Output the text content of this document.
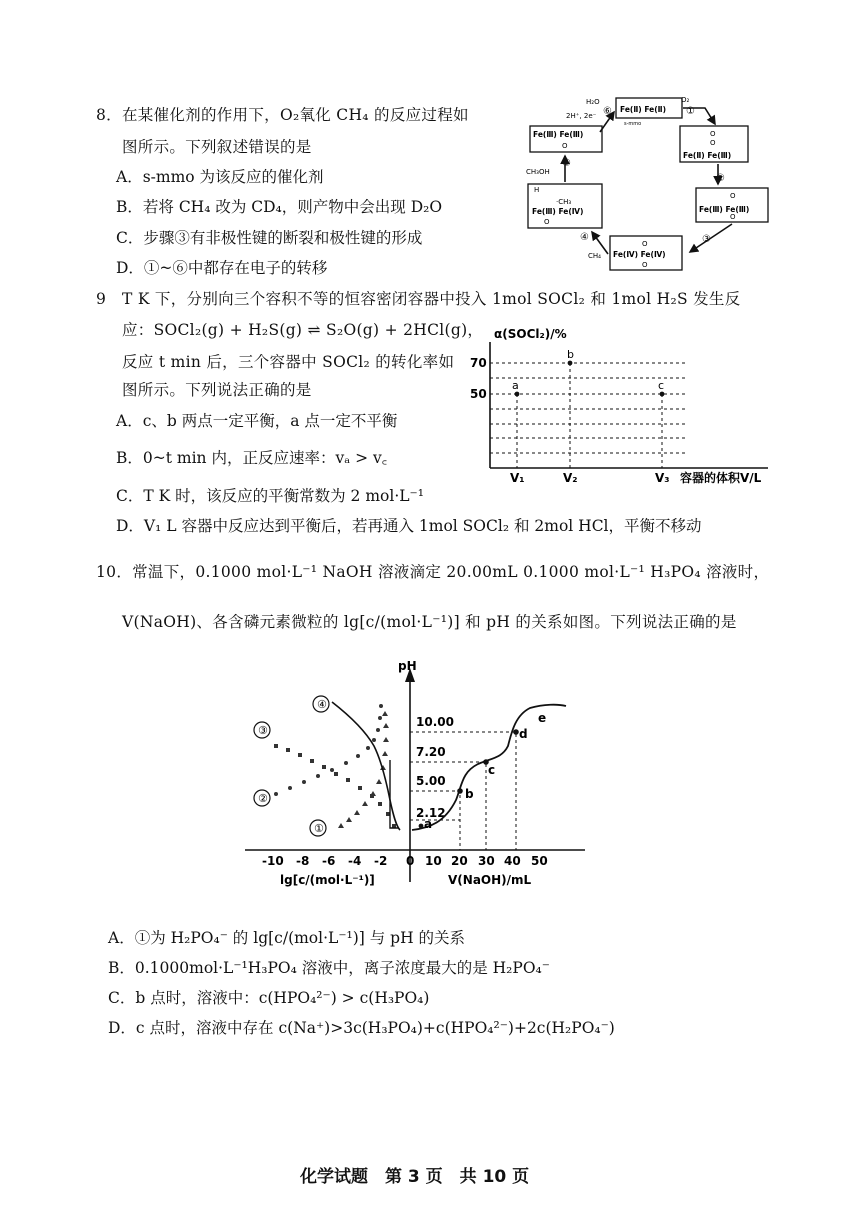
8．在某催化剂的作用下，O₂氧化 CH₄ 的反应过程如
图所示。下列叙述错误的是
A．s-mmo 为该反应的催化剂
B．若将 CH₄ 改为 CD₄，则产物中会出现 D₂O
C．步骤③有非极性键的断裂和极性键的形成
D．①~⑥中都存在电子的转移
Fe(Ⅱ) Fe(Ⅱ)
s-mmo
H₂O
2H⁺, 2e⁻
O₂
①
⑥
Fe(Ⅲ) Fe(Ⅲ)
O
O
O
Fe(Ⅱ) Fe(Ⅲ)
H
·CH₃
Fe(Ⅲ) Fe(Ⅳ)
O
CH₃OH
⑤
O
Fe(Ⅲ) Fe(Ⅲ)
O
②
O
Fe(Ⅳ) Fe(Ⅳ)
O
③
④
CH₄
9　T K 下，分别向三个容积不等的恒容密闭容器中投入 1mol SOCl₂ 和 1mol H₂S 发生反
应：SOCl₂(g) + H₂S(g) ⇌ S₂O(g) + 2HCl(g)，
反应 t min 后，三个容器中 SOCl₂ 的转化率如
图所示。下列说法正确的是
A．c、b 两点一定平衡，a 点一定不平衡
B．0~t min 内，正反应速率：vₐ > v꜀
C．T K 时，该反应的平衡常数为 2 mol·L⁻¹
D．V₁ L 容器中反应达到平衡后，若再通入 1mol SOCl₂ 和 2mol HCl，平衡不移动
α(SOCl₂)/%
70
50
a
b
c
V₁	V₂	V₃ 容器的体积V/L
10．常温下，0.1000 mol·L⁻¹ NaOH 溶液滴定 20.00mL 0.1000 mol·L⁻¹ H₃PO₄ 溶液时，
V(NaOH)、各含磷元素微粒的 lg[c/(mol·L⁻¹)] 和 pH 的关系如图。下列说法正确的是
pH
-10 -8 -6 -4 -2 0 10 20 30 40 50
lg[c/(mol·L⁻¹)]	V(NaOH)/mL
10.00
7.20
5.00
2.12
a
b
c
d
e
④
③
②
①
A．①为 H₂PO₄⁻ 的 lg[c/(mol·L⁻¹)] 与 pH 的关系
B．0.1000mol·L⁻¹H₃PO₄ 溶液中，离子浓度最大的是 H₂PO₄⁻
C．b 点时，溶液中：c(HPO₄²⁻) > c(H₃PO₄)
D．c 点时，溶液中存在 c(Na⁺)>3c(H₃PO₄)+c(HPO₄²⁻)+2c(H₂PO₄⁻)
化学试题　第 3 页　共 10 页
